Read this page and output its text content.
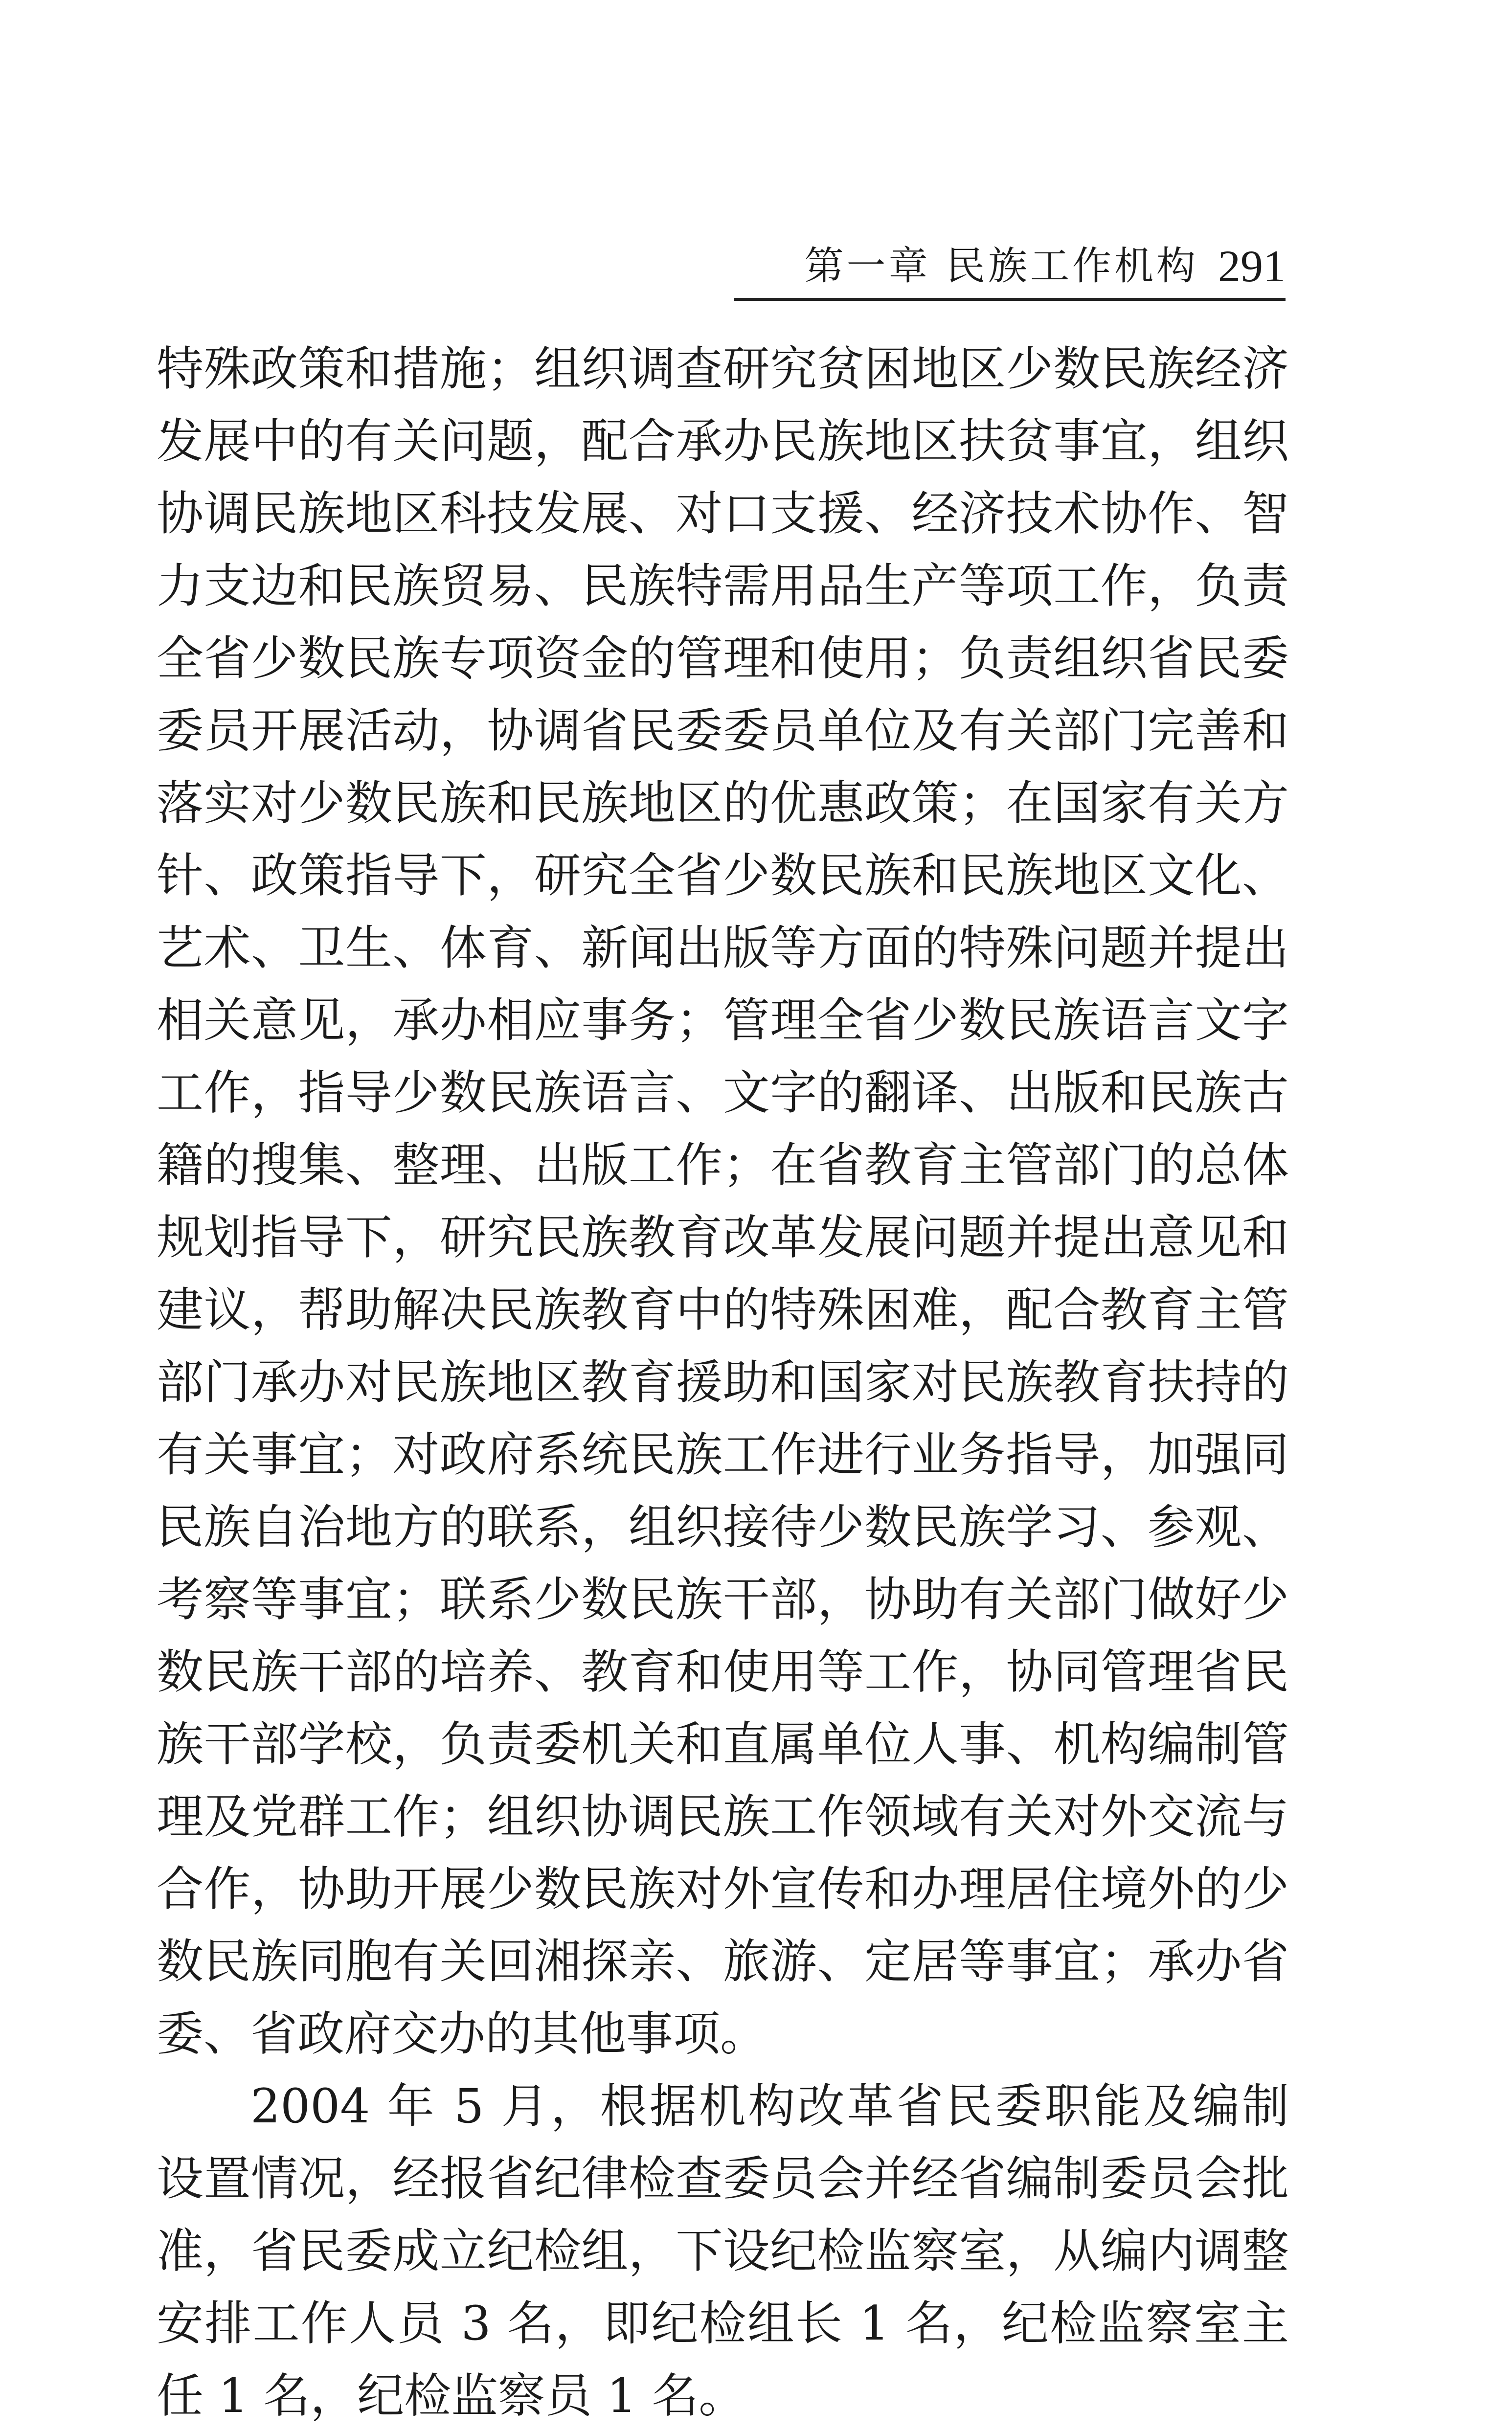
第一章 民族工作机构 291

特殊政策和措施；组织调查研究贫困地区少数民族经济发展中的有关问题，配合承办民族地区扶贫事宜，组织协调民族地区科技发展、对口支援、经济技术协作、智力支边和民族贸易、民族特需用品生产等项工作，负责全省少数民族专项资金的管理和使用；负责组织省民委委员开展活动，协调省民委委员单位及有关部门完善和落实对少数民族和民族地区的优惠政策；在国家有关方针、政策指导下，研究全省少数民族和民族地区文化、艺术、卫生、体育、新闻出版等方面的特殊问题并提出相关意见，承办相应事务；管理全省少数民族语言文字工作，指导少数民族语言、文字的翻译、出版和民族古籍的搜集、整理、出版工作；在省教育主管部门的总体规划指导下，研究民族教育改革发展问题并提出意见和建议，帮助解决民族教育中的特殊困难，配合教育主管部门承办对民族地区教育援助和国家对民族教育扶持的有关事宜；对政府系统民族工作进行业务指导，加强同民族自治地方的联系，组织接待少数民族学习、参观、考察等事宜；联系少数民族干部，协助有关部门做好少数民族干部的培养、教育和使用等工作，协同管理省民族干部学校，负责委机关和直属单位人事、机构编制管理及党群工作；组织协调民族工作领域有关对外交流与合作，协助开展少数民族对外宣传和办理居住境外的少数民族同胞有关回湘探亲、旅游、定居等事宜；承办省委、省政府交办的其他事项。

2004 年 5 月，根据机构改革省民委职能及编制设置情况，经报省纪律检查委员会并经省编制委员会批准，省民委成立纪检组，下设纪检监察室，从编内调整安排工作人员 3 名，即纪检组长 1 名，纪检监察室主任 1 名，纪检监察员 1 名。
